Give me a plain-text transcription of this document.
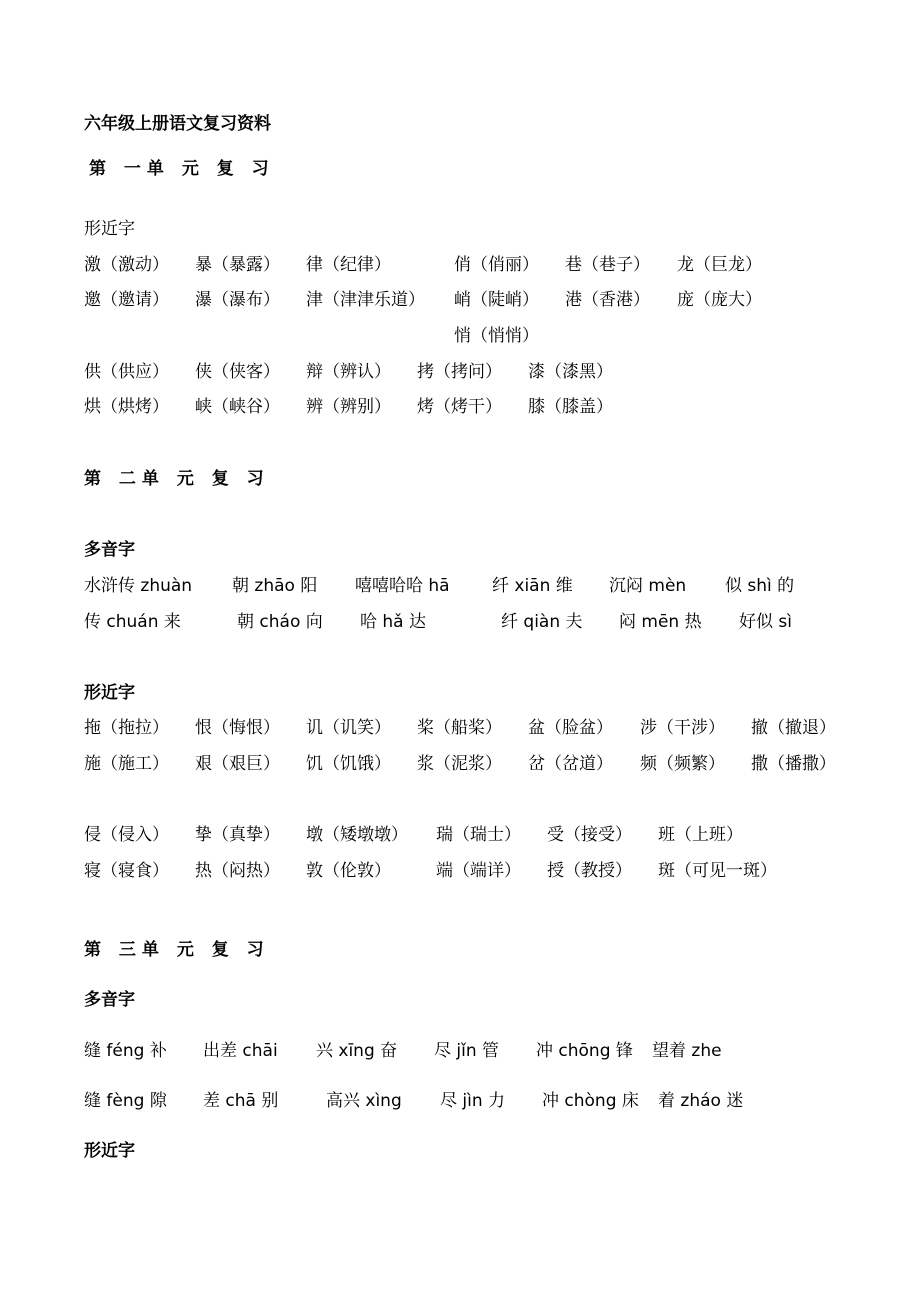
六年级上册语文复习资料
第 一单 元 复 习
形近字
激（激动） 暴（暴露） 律（纪律）	俏（俏丽） 巷（巷子） 龙（巨龙）
邀（邀请） 瀑（瀑布） 津（津津乐道） 峭（陡峭） 港（香港） 庞（庞大）
悄（悄悄）
供（供应） 侠（侠客） 辩（辨认） 拷（拷问） 漆（漆黑）
烘（烘烤） 峡（峡谷） 辨（辨别） 烤（烤干） 膝（膝盖）
第 二单 元 复 习
多音字
水浒传 zhuàn 朝 zhāo 阳 嘻嘻哈哈 hā 纤 xiān 维 沉闷 mèn 似 shì 的
传 chuán 来	朝 cháo 向 哈 hǎ 达	纤 qiàn 夫 闷 mēn 热 好似 sì
形近字
拖（拖拉） 恨（悔恨） 讥（讥笑） 桨（船桨） 盆（脸盆） 涉（干涉） 撤（撤退）
施（施工） 艰（艰巨） 饥（饥饿） 浆（泥浆） 岔（岔道） 频（频繁） 撒（播撒）
侵（侵入） 挚（真挚） 墩（矮墩墩） 瑞（瑞士） 受（接受） 班（上班）
寝（寝食） 热（闷热） 敦（伦敦）	端（端详） 授（教授） 斑（可见一斑）
第 三单 元 复 习
多音字
缝 féng 补 出差 chāi 兴 xīng 奋 尽 jǐn 管 冲 chōng 锋 望着 zhe
缝 fèng 隙 差 chā 别	高兴 xìng 尽 jìn 力 冲 chòng 床 着 zháo 迷
形近字
